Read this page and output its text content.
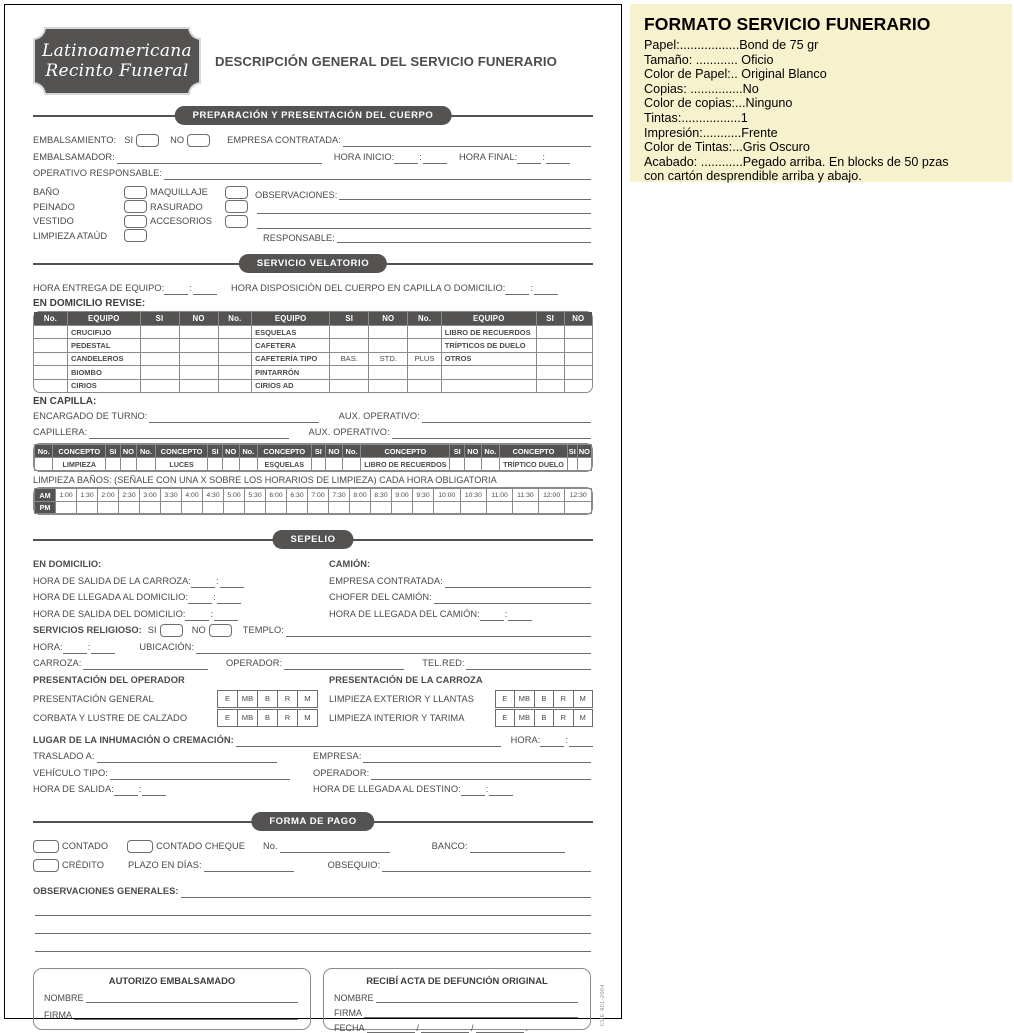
Latinoamericana
Recinto Funeral DESCRIPCIÓN GENERAL DEL SERVICIO FUNERARIO
PREPARACIÓN Y PRESENTACIÓN DEL CUERPO
EMBALSAMIENTO: SI	NO	EMPRESA CONTRATADA:
EMBALSAMADOR:	HORA INICIO:	:	HORA FINAL:	:
OPERATIVO RESPONSABLE:
BAÑO
PEINADO
VESTIDO
LIMPIEZA ATAÚD
MAQUILLAJE
RASURADO
ACCESORIOS
OBSERVACIONES:
RESPONSABLE:
SERVICIO VELATORIO
HORA ENTREGA DE EQUIPO:	:	HORA DISPOSICIÓN DEL CUERPO EN CAPILLA O DOMICILIO:	:
EN DOMICILIO REVISE:
No.	EQUIPO	SI	NO	No.	EQUIPO	SI	NO	No.	EQUIPO	SI	NO
	CRUCIFIJO				ESQUELAS				LIBRO DE RECUERDOS		
	PEDESTAL				CAFETERA				TRÍPTICOS DE DUELO		
	CANDELEROS				CAFETERÍA TIPO	BAS.	STD.	PLUS	OTROS		
	BIOMBO				PINTARRÓN						
	CIRIOS				CIRIOS AD						
EN CAPILLA:
ENCARGADO DE TURNO:	AUX. OPERATIVO:
CAPILLERA:	AUX. OPERATIVO:
No.	CONCEPTO	SI	NO	No.	CONCEPTO	SI	NO	No.	CONCEPTO	SI	NO	No.	CONCEPTO	SI	NO	No.	CONCEPTO	SI	NO
	LIMPIEZA				LUCES				ESQUELAS				LIBRO DE RECUERDOS				TRÍPTICO DUELO		
LIMPIEZA BAÑOS: (SEÑALE CON UNA X SOBRE LOS HORARIOS DE LIMPIEZA) CADA HORA OBLIGATORIA
AM	1:00	1:30	2:00	2:30	3:00	3:30	4:00	4:30	5:00	5:30	6:00	6:30	7:00	7:30	8:00	8:30	9:00	9:30	10:00	10:30	11:00	11:30	12:00	12:30
PM																								
SEPELIO
EN DOMICILIO:
HORA DE SALIDA DE LA CARROZA:	:
HORA DE LLEGADA AL DOMICILIO:	:
HORA DE SALIDA DEL DOMICILIO:	:
CAMIÓN:
EMPRESA CONTRATADA:
CHOFER DEL CAMIÓN:
HORA DE LLEGADA DEL CAMIÓN:	:
SERVICIOS RELIGIOSO: SI	NO	TEMPLO:
HORA:	:	UBICACIÓN:
CARROZA:	OPERADOR:	TEL.RED:
PRESENTACIÓN DEL OPERADOR
PRESENTACIÓN GENERAL	E	MB	B	R	M
CORBATA Y LUSTRE DE CALZADO	E	MB	B	R	M
PRESENTACIÓN DE LA CARROZA
LIMPIEZA EXTERIOR Y LLANTAS	E	MB	B	R	M
LIMPIEZA INTERIOR Y TARIMA	E	MB	B	R	M
LUGAR DE LA INHUMACIÓN O CREMACIÓN:	HORA:	:
TRASLADO A:
VEHÍCULO TIPO:
HORA DE SALIDA:	:
EMPRESA:
OPERADOR:
HORA DE LLEGADA AL DESTINO:	:
FORMA DE PAGO
CONTADO	CONTADO CHEQUE No.	BANCO:
CRÉDITO	PLAZO EN DÍAS:	OBSEQUIO:
OBSERVACIONES GENERALES:
AUTORIZO EMBALSAMADO
NOMBRE
FIRMA
RECIBÍ ACTA DE DEFUNCIÓN ORIGINAL
NOMBRE
FIRMA
FECHA	/	/	.
CUE-901-2004
FORMATO SERVICIO FUNERARIO
Papel:.................Bond de 75 gr
Tamaño: ............ Oficio
Color de Papel:.. Original Blanco
Copias: ...............No
Color de copias:...Ninguno
Tintas:.................1
Impresión:...........Frente
Color de Tintas:...Gris Oscuro
Acabado: ............Pegado arriba. En blocks de 50 pzas
con cartón desprendible arriba y abajo.
